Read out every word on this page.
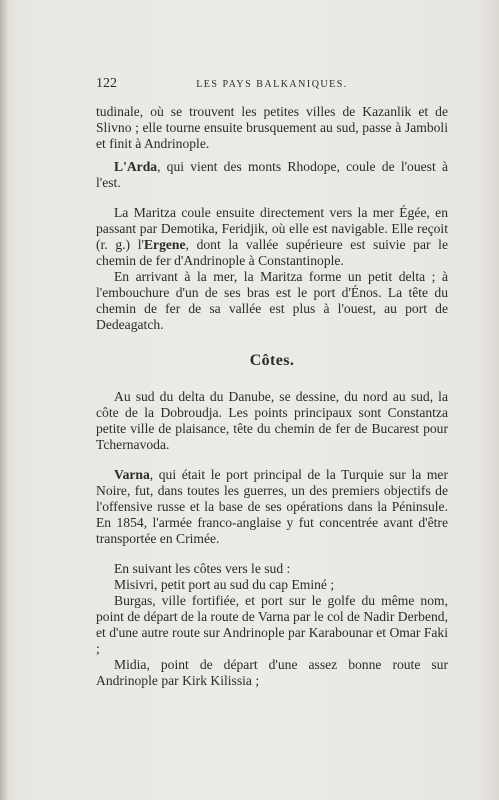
122	LES PAYS BALKANIQUES.

tudinale, où se trouvent les petites villes de Kazanlik et de Slivno ; elle tourne ensuite brusquement au sud, passe à Jamboli et finit à Andrinople.

L'Arda, qui vient des monts Rhodope, coule de l'ouest à l'est.

La Maritza coule ensuite directement vers la mer Égée, en passant par Demotika, Feridjik, où elle est navigable. Elle reçoit (r. g.) l'Ergene, dont la vallée supérieure est suivie par le chemin de fer d'Andrinople à Constantinople.

En arrivant à la mer, la Maritza forme un petit delta ; à l'embouchure d'un de ses bras est le port d'Énos. La tête du chemin de fer de sa vallée est plus à l'ouest, au port de Dedeagatch.

Côtes.

Au sud du delta du Danube, se dessine, du nord au sud, la côte de la Dobroudja. Les points principaux sont Constantza petite ville de plaisance, tête du chemin de fer de Bucarest pour Tchernavoda.

Varna, qui était le port principal de la Turquie sur la mer Noire, fut, dans toutes les guerres, un des premiers objectifs de l'offensive russe et la base de ses opérations dans la Péninsule. En 1854, l'armée franco-anglaise y fut concentrée avant d'être transportée en Crimée.

En suivant les côtes vers le sud :

Misivri, petit port au sud du cap Eminé ;

Burgas, ville fortifiée, et port sur le golfe du même nom, point de départ de la route de Varna par le col de Nadir Derbend, et d'une autre route sur Andrinople par Karabounar et Omar Faki ;

Midia, point de départ d'une assez bonne route sur Andrinople par Kirk Kilissia ;
